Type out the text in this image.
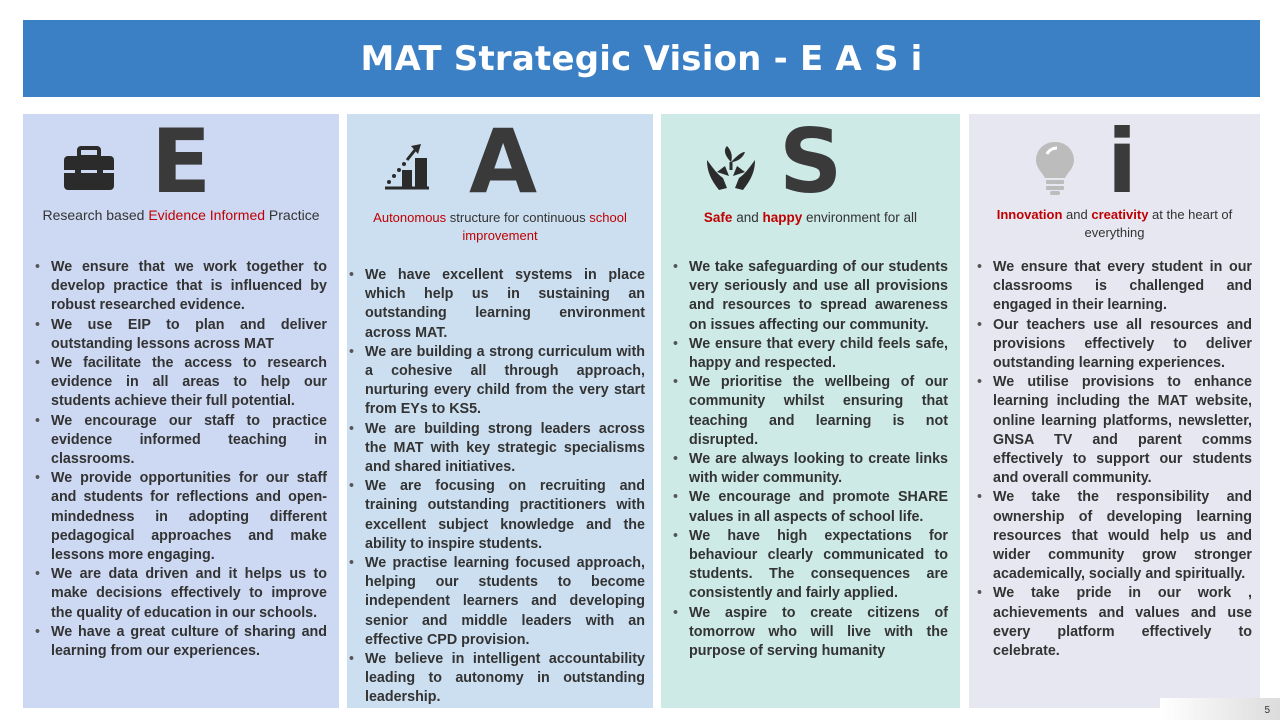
MAT Strategic Vision - E A S i
E
Research based Evidence Informed Practice
• We ensure that we work together to develop practice that is influenced by robust researched evidence.
• We use EIP to plan and deliver outstanding lessons across MAT
• We facilitate the access to research evidence in all areas to help our students achieve their full potential.
• We encourage our staff to practice evidence informed teaching in classrooms.
• We provide opportunities for our staff and students for reflections and open-mindedness in adopting different pedagogical approaches and make lessons more engaging.
• We are data driven and it helps us to make decisions effectively to improve the quality of education in our schools.
• We have a great culture of sharing and learning from our experiences.
A
Autonomous structure for continuous school improvement
• We have excellent systems in place which help us in sustaining an outstanding learning environment across MAT.
• We are building a strong curriculum with a cohesive all through approach, nurturing every child from the very start from EYs to KS5.
• We are building strong leaders across the MAT with key strategic specialisms and shared initiatives.
• We are focusing on recruiting and training outstanding practitioners with excellent subject knowledge and the ability to inspire students.
• We practise learning focused approach, helping our students to become independent learners and developing senior and middle leaders with an effective CPD provision.
• We believe in intelligent accountability leading to autonomy in outstanding leadership.
S
Safe and happy environment for all
• We take safeguarding of our students very seriously and use all provisions and resources to spread awareness on issues affecting our community.
• We ensure that every child feels safe, happy and respected.
• We prioritise the wellbeing of our community whilst ensuring that teaching and learning is not disrupted.
• We are always looking to create links with wider community.
• We encourage and promote SHARE values in all aspects of school life.
• We have high expectations for behaviour clearly communicated to students. The consequences are consistently and fairly applied.
• We aspire to create citizens of tomorrow who will live with the purpose of serving humanity
i
Innovation and creativity at the heart of everything
• We ensure that every student in our classrooms is challenged and engaged in their learning.
• Our teachers use all resources and provisions effectively to deliver outstanding learning experiences.
• We utilise provisions to enhance learning including the MAT website, online learning platforms, newsletter, GNSA TV and parent comms effectively to support our students and overall community.
• We take the responsibility and ownership of developing learning resources that would help us and wider community grow stronger academically, socially and spiritually.
• We take pride in our work , achievements and values and use every platform effectively to celebrate.
5
